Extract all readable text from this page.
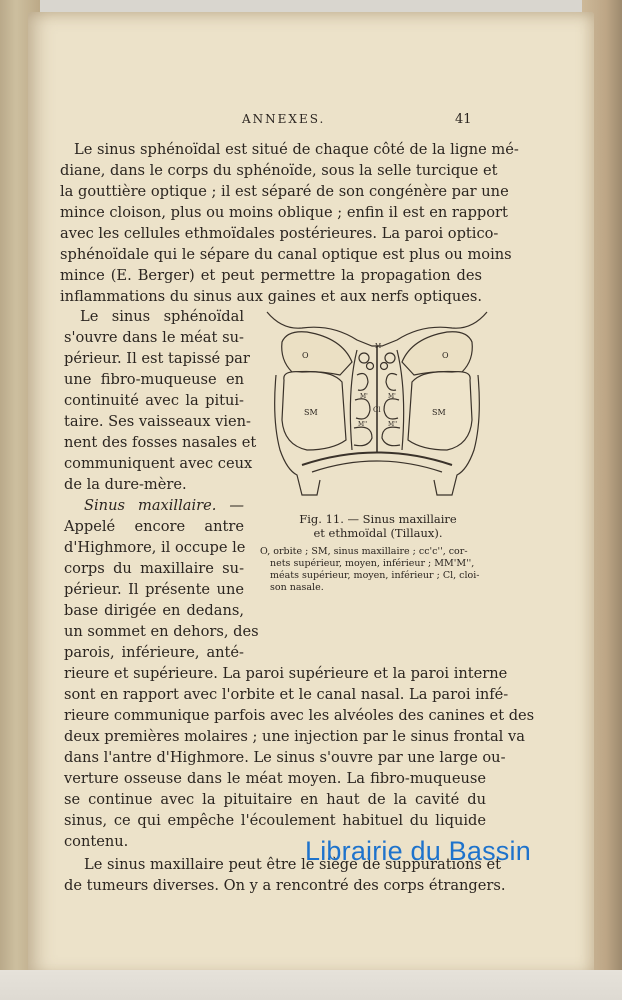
ANNEXES.	41
Le sinus sphénoïdal est situé de chaque côté de la ligne mé-
diane, dans le corps du sphénoïde, sous la selle turcique et
la gouttière optique ; il est séparé de son congénère par une
mince cloison, plus ou moins oblique ; enfin il est en rapport
avec les cellules ethmoïdales postérieures. La paroi optico-
sphénoïdale qui le sépare du canal optique est plus ou moins
mince (E. Berger) et peut permettre la propagation des
inflammations du sinus aux gaines et aux nerfs optiques.
Le sinus sphénoïdal
s'ouvre dans le méat su-
périeur. Il est tapissé par
une fibro-muqueuse en
continuité avec la pitui-
taire. Ses vaisseaux vien-
nent des fosses nasales et
communiquent avec ceux
de la dure-mère.
Sinus maxillaire. —
Appelé encore antre
d'Highmore, il occupe le
corps du maxillaire su-
périeur. Il présente une
base dirigée en dedans,
un sommet en dehors, des
parois, inférieure, anté-
rieure et supérieure. La paroi supérieure et la paroi interne
sont en rapport avec l'orbite et le canal nasal. La paroi infé-
rieure communique parfois avec les alvéoles des canines et des
deux premières molaires ; une injection par le sinus frontal va
dans l'antre d'Highmore. Le sinus s'ouvre par une large ou-
verture osseuse dans le méat moyen. La fibro-muqueuse
se continue avec la pituitaire en haut de la cavité du
sinus, ce qui empêche l'écoulement habituel du liquide
contenu.
Le sinus maxillaire peut être le siège de suppurations et
de tumeurs diverses. On y a rencontré des corps étrangers.
O	O
SM	SM
M
M'	M'
M''	M''
Cl
Fig. 11. — Sinus maxillaire
et ethmoïdal (Tillaux).
O, orbite ; SM, sinus maxillaire ; cc'c'', cor-
nets supérieur, moyen, inférieur ; MM'M'',
méats supérieur, moyen, inférieur ; Cl, cloi-
son nasale.
Librairie du Bassin
